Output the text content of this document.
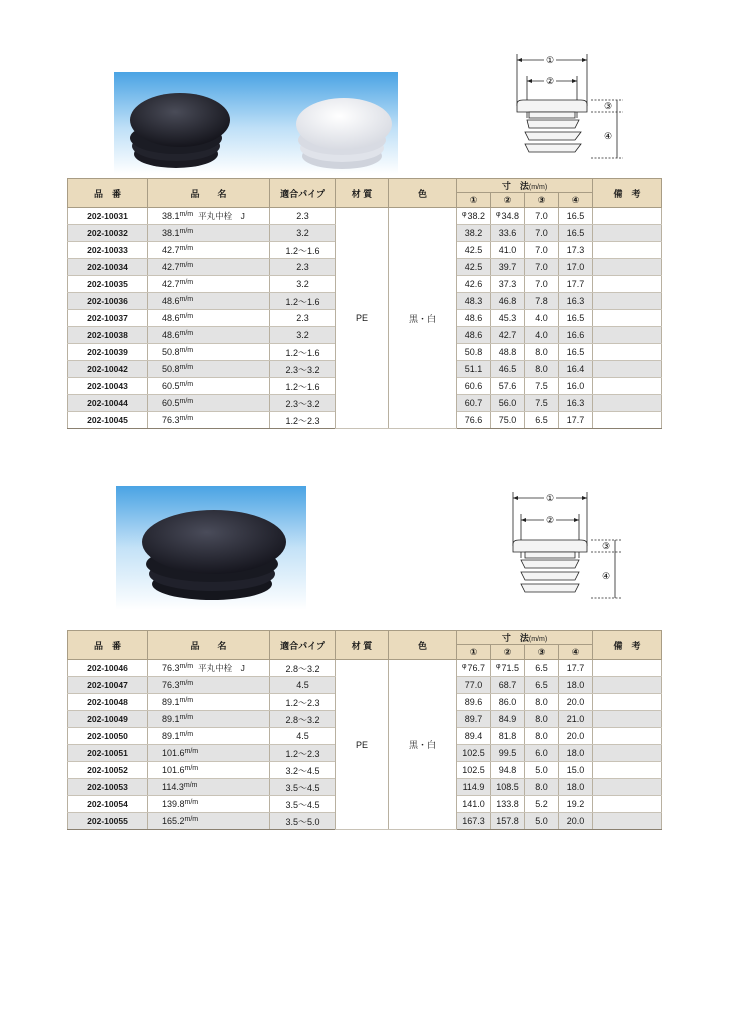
①
②
③
④
品　番	品　　名	適合パイプ	材 質	色	寸　法(m/m)				備　考
					①	②	③	④	
202-10031	$38.1^{m/m}$ 平丸中栓　J	2.3	PE	黒・白	$^\varphi$38.2	$^\varphi$34.8	7.0	16.5	
202-10032	$38.1^{m/m}$	3.2			38.2	33.6	7.0	16.5	
202-10033	$42.7^{m/m}$	1.2～1.6			42.5	41.0	7.0	17.3	
202-10034	$42.7^{m/m}$	2.3			42.5	39.7	7.0	17.0	
202-10035	$42.7^{m/m}$	3.2			42.6	37.3	7.0	17.7	
202-10036	$48.6^{m/m}$	1.2～1.6			48.3	46.8	7.8	16.3	
202-10037	$48.6^{m/m}$	2.3			48.6	45.3	4.0	16.5	
202-10038	$48.6^{m/m}$	3.2			48.6	42.7	4.0	16.6	
202-10039	$50.8^{m/m}$	1.2～1.6			50.8	48.8	8.0	16.5	
202-10042	$50.8^{m/m}$	2.3～3.2			51.1	46.5	8.0	16.4	
202-10043	$60.5^{m/m}$	1.2～1.6			60.6	57.6	7.5	16.0	
202-10044	$60.5^{m/m}$	2.3～3.2			60.7	56.0	7.5	16.3	
202-10045	$76.3^{m/m}$	1.2～2.3			76.6	75.0	6.5	17.7	
①
②
③
④
品　番	品　　名	適合パイプ	材 質	色	寸　法(m/m)				備　考
					①	②	③	④	
202-10046	$76.3^{m/m}$ 平丸中栓　J	2.8～3.2	PE	黒・白	$^\varphi$76.7	$^\varphi$71.5	6.5	17.7	
202-10047	$76.3^{m/m}$	4.5			77.0	68.7	6.5	18.0	
202-10048	$89.1^{m/m}$	1.2～2.3			89.6	86.0	8.0	20.0	
202-10049	$89.1^{m/m}$	2.8～3.2			89.7	84.9	8.0	21.0	
202-10050	$89.1^{m/m}$	4.5			89.4	81.8	8.0	20.0	
202-10051	$101.6^{m/m}$	1.2～2.3			102.5	99.5	6.0	18.0	
202-10052	$101.6^{m/m}$	3.2～4.5			102.5	94.8	5.0	15.0	
202-10053	$114.3^{m/m}$	3.5～4.5			114.9	108.5	8.0	18.0	
202-10054	$139.8^{m/m}$	3.5～4.5			141.0	133.8	5.2	19.2	
202-10055	$165.2^{m/m}$	3.5～5.0			167.3	157.8	5.0	20.0	
